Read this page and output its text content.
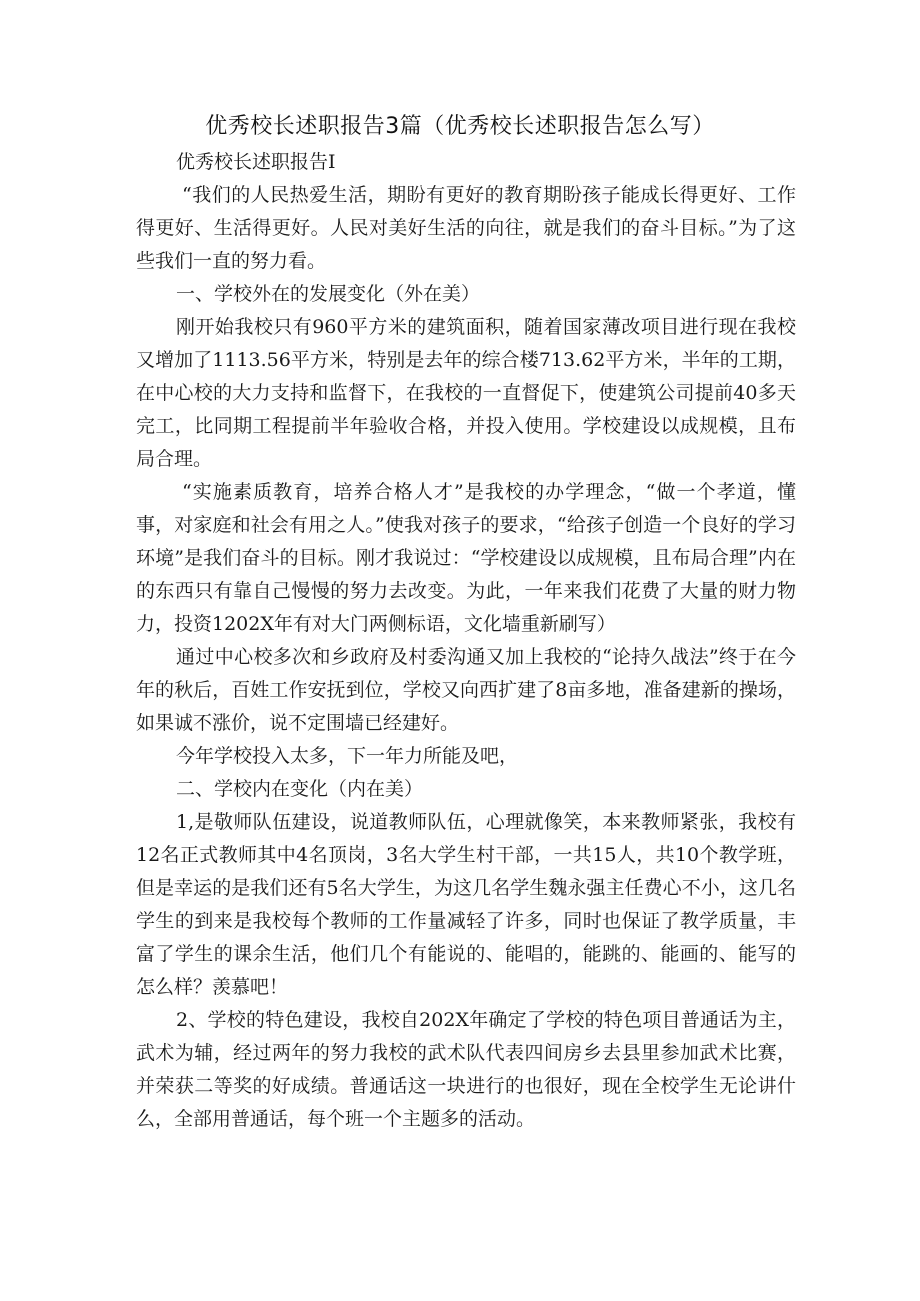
优秀校长述职报告3篇（优秀校长述职报告怎么写）

优秀校长述职报告Ⅰ

“我们的人民热爱生活，期盼有更好的教育期盼孩子能成长得更好、工作得更好、生活得更好。人民对美好生活的向往，就是我们的奋斗目标。”为了这些我们一直的努力看。

一、学校外在的发展变化（外在美）

刚开始我校只有960平方米的建筑面积，随着国家薄改项目进行现在我校又增加了1113.56平方米，特别是去年的综合楼713.62平方米，半年的工期，在中心校的大力支持和监督下，在我校的一直督促下，使建筑公司提前40多天完工，比同期工程提前半年验收合格，并投入使用。学校建设以成规模，且布局合理。

“实施素质教育，培养合格人才”是我校的办学理念，“做一个孝道，懂事，对家庭和社会有用之人。”使我对孩子的要求，“给孩子创造一个良好的学习环境”是我们奋斗的目标。刚才我说过：“学校建设以成规模，且布局合理”内在的东西只有靠自己慢慢的努力去改变。为此，一年来我们花费了大量的财力物力，投资1202X年有对大门两侧标语，文化墙重新刷写）

通过中心校多次和乡政府及村委沟通又加上我校的“论持久战法”终于在今年的秋后，百姓工作安抚到位，学校又向西扩建了8亩多地，准备建新的操场，如果诚不涨价，说不定围墙已经建好。

今年学校投入太多，下一年力所能及吧，

二、学校内在变化（内在美）

1,是敬师队伍建设，说道教师队伍，心理就像笑，本来教师紧张，我校有12名正式教师其中4名顶岗，3名大学生村干部，一共15人，共10个教学班，但是幸运的是我们还有5名大学生，为这几名学生魏永强主任费心不小，这几名学生的到来是我校每个教师的工作量减轻了许多，同时也保证了教学质量，丰富了学生的课余生活，他们几个有能说的、能唱的，能跳的、能画的、能写的怎么样？羡慕吧！

2、学校的特色建设，我校自202X年确定了学校的特色项目普通话为主，武术为辅，经过两年的努力我校的武术队代表四间房乡去县里参加武术比赛，并荣获二等奖的好成绩。普通话这一块进行的也很好，现在全校学生无论讲什么，全部用普通话，每个班一个主题多的活动。
